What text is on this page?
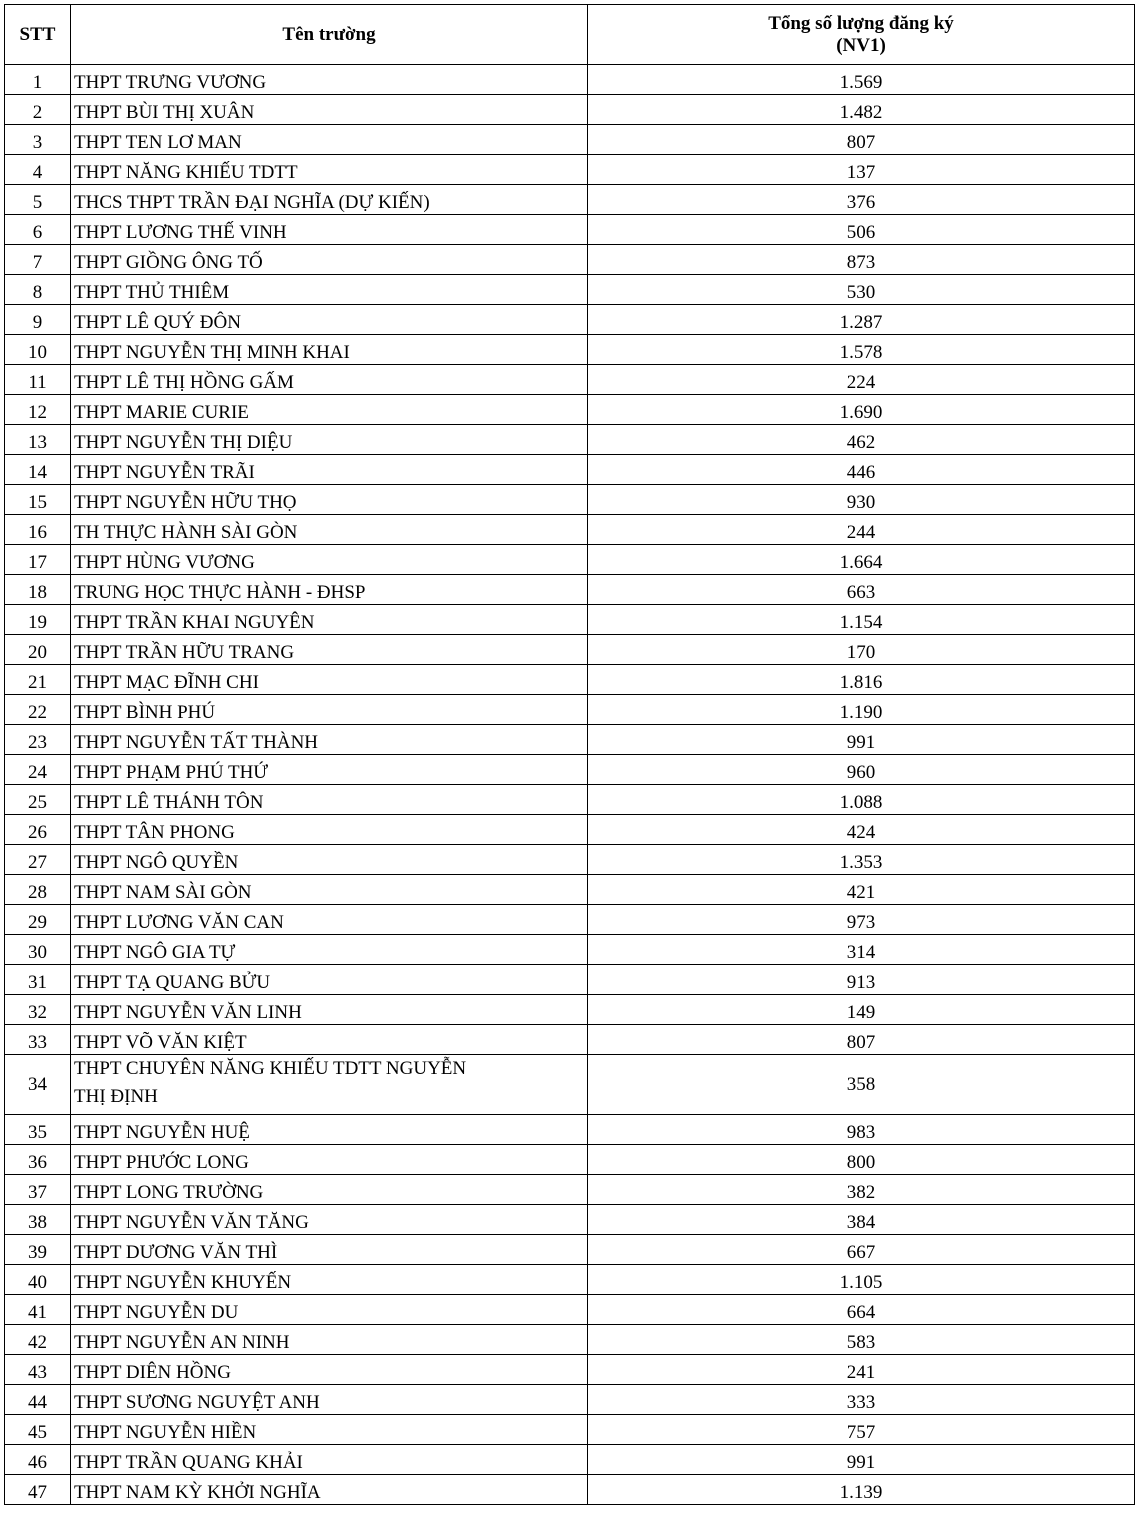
STT	Tên trường	Tổng số lượng đăng ký
(NV1)

1	THPT TRƯNG VƯƠNG	1.569
2	THPT BÙI THỊ XUÂN	1.482
3	THPT TEN LƠ MAN	807
4	THPT NĂNG KHIẾU TDTT	137
5	THCS THPT TRẦN ĐẠI NGHĨA (DỰ KIẾN)	376
6	THPT LƯƠNG THẾ VINH	506
7	THPT GIỒNG ÔNG TỐ	873
8	THPT THỦ THIÊM	530
9	THPT LÊ QUÝ ĐÔN	1.287
10	THPT NGUYỄN THỊ MINH KHAI	1.578
11	THPT LÊ THỊ HỒNG GẤM	224
12	THPT MARIE CURIE	1.690
13	THPT NGUYỄN THỊ DIỆU	462
14	THPT NGUYỄN TRÃI	446
15	THPT NGUYỄN HỮU THỌ	930
16	TH THỰC HÀNH SÀI GÒN	244
17	THPT HÙNG VƯƠNG	1.664
18	TRUNG HỌC THỰC HÀNH - ĐHSP	663
19	THPT TRẦN KHAI NGUYÊN	1.154
20	THPT TRẦN HỮU TRANG	170
21	THPT MẠC ĐĨNH CHI	1.816
22	THPT BÌNH PHÚ	1.190
23	THPT NGUYỄN TẤT THÀNH	991
24	THPT PHẠM PHÚ THỨ	960
25	THPT LÊ THÁNH TÔN	1.088
26	THPT TÂN PHONG	424
27	THPT NGÔ QUYỀN	1.353
28	THPT NAM SÀI GÒN	421
29	THPT LƯƠNG VĂN CAN	973
30	THPT NGÔ GIA TỰ	314
31	THPT TẠ QUANG BỬU	913
32	THPT NGUYỄN VĂN LINH	149
33	THPT VÕ VĂN KIỆT	807
34	THPT CHUYÊN NĂNG KHIẾU TDTT NGUYỄN
THỊ ĐỊNH	358
35	THPT NGUYỄN HUỆ	983
36	THPT PHƯỚC LONG	800
37	THPT LONG TRƯỜNG	382
38	THPT NGUYỄN VĂN TĂNG	384
39	THPT DƯƠNG VĂN THÌ	667
40	THPT NGUYỄN KHUYẾN	1.105
41	THPT NGUYỄN DU	664
42	THPT NGUYỄN AN NINH	583
43	THPT DIÊN HỒNG	241
44	THPT SƯƠNG NGUYỆT ANH	333
45	THPT NGUYỄN HIỀN	757
46	THPT TRẦN QUANG KHẢI	991
47	THPT NAM KỲ KHỞI NGHĨA	1.139
